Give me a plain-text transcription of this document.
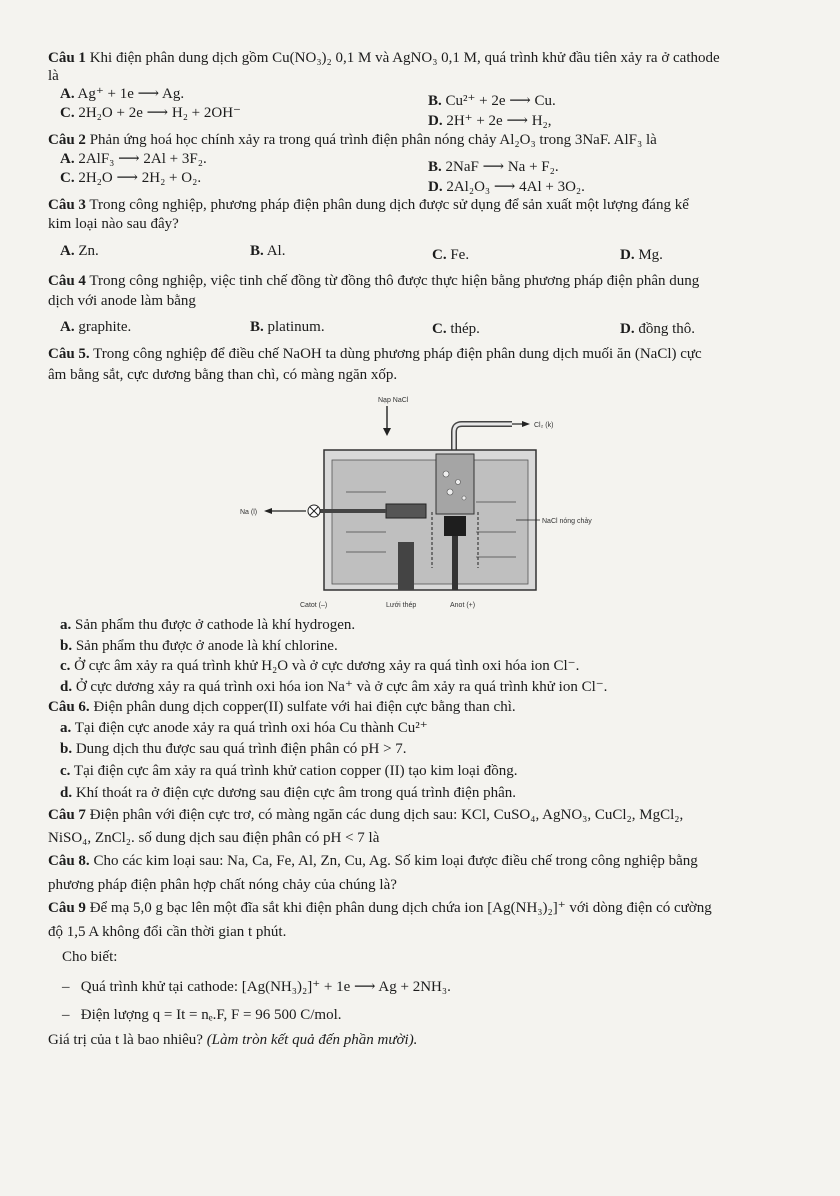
Câu 1 Khi điện phân dung dịch gồm Cu(NO₃)₂ 0,1 M và AgNO₃ 0,1 M, quá trình khử đầu tiên xảy ra ở cathode
là
A. Ag⁺ + 1e ⟶ Ag.	B. Cu²⁺ + 2e ⟶ Cu.
C. 2H₂O + 2e ⟶ H₂ + 2OH⁻	D. 2H⁺ + 2e ⟶ H₂,
Câu 2 Phản ứng hoá học chính xảy ra trong quá trình điện phân nóng chảy Al₂O₃ trong 3NaF. AlF₃ là
A. 2AlF₃ ⟶ 2Al + 3F₂.	B. 2NaF ⟶ Na + F₂.
C. 2H₂O ⟶ 2H₂ + O₂.
D. 2Al₂O₃ ⟶ 4Al + 3O₂.
Câu 3 Trong công nghiệp, phương pháp điện phân dung dịch được sử dụng để sản xuất một lượng đáng kể
kim loại nào sau đây?
A. Zn.	B. Al.	C. Fe.	D. Mg.
Câu 4 Trong công nghiệp, việc tinh chế đồng từ đồng thô được thực hiện bằng phương pháp điện phân dung
dịch với anode làm bằng
A. graphite.	B. platinum.	C. thép.	D. đồng thô.
Câu 5. Trong công nghiệp để điều chế NaOH ta dùng phương pháp điện phân dung dịch muối ăn (NaCl) cực
âm bằng sắt, cực dương bằng than chì, có màng ngăn xốp.
Nạp NaCl
Cl₂ (k)
Na (l)
NaCl nóng chảy
Catot (–)	Lưới thép	Anot (+)
a. Sản phẩm thu được ở cathode là khí hydrogen.
b. Sản phẩm thu được ở anode là khí chlorine.
c. Ở cực âm xảy ra quá trình khử H₂O và ở cực dương xảy ra quá tình oxi hóa ion Cl⁻.
d. Ở cực dương xảy ra quá trình oxi hóa ion Na⁺ và ở cực âm xảy ra quá trình khử ion Cl⁻.
Câu 6. Điện phân dung dịch copper(II) sulfate với hai điện cực bằng than chì.
a. Tại điện cực anode xảy ra quá trình oxi hóa Cu thành Cu²⁺
b. Dung dịch thu được sau quá trình điện phân có pH > 7.
c. Tại điện cực âm xảy ra quá trình khử cation copper (II) tạo kim loại đồng.
d. Khí thoát ra ở điện cực dương sau điện cực âm trong quá trình điện phân.
Câu 7 Điện phân với điện cực trơ, có màng ngăn các dung dịch sau: KCl, CuSO₄, AgNO₃, CuCl₂, MgCl₂,
NiSO₄, ZnCl₂. số dung dịch sau điện phân có pH < 7 là
Câu 8. Cho các kim loại sau: Na, Ca, Fe, Al, Zn, Cu, Ag. Số kim loại được điều chế trong công nghiệp bằng
phương pháp điện phân hợp chất nóng chảy của chúng là?
Câu 9 Để mạ 5,0 g bạc lên một đĩa sắt khi điện phân dung dịch chứa ion [Ag(NH₃)₂]⁺ với dòng điện có cường
độ 1,5 A không đổi cần thời gian t phút.
Cho biết:
–   Quá trình khử tại cathode: [Ag(NH₃)₂]⁺ + 1e ⟶ Ag + 2NH₃.
–   Điện lượng q = It = nₑ.F, F = 96 500 C/mol.
Giá trị của t là bao nhiêu? (Làm tròn kết quả đến phần mười).
